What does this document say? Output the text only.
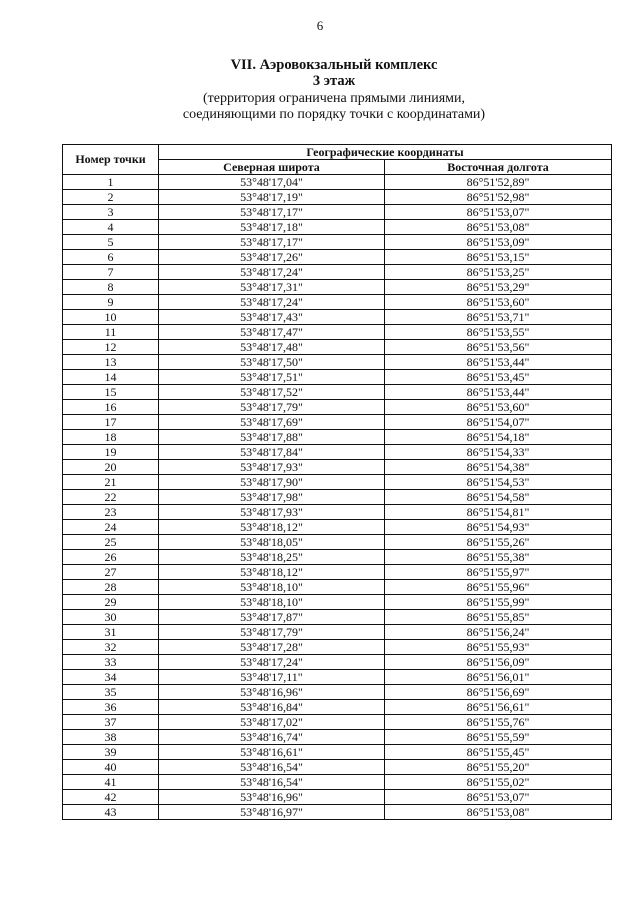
6
VII. Аэровокзальный комплекс
3 этаж
(территория ограничена прямыми линиями,
соединяющими по порядку точки с координатами)
Номер точки	Географические координаты	
	Северная широта	Восточная долгота
1	53°48'17,04"	86°51'52,89"
2	53°48'17,19"	86°51'52,98"
3	53°48'17,17"	86°51'53,07"
4	53°48'17,18"	86°51'53,08"
5	53°48'17,17"	86°51'53,09"
6	53°48'17,26"	86°51'53,15"
7	53°48'17,24"	86°51'53,25"
8	53°48'17,31"	86°51'53,29"
9	53°48'17,24"	86°51'53,60"
10	53°48'17,43"	86°51'53,71"
11	53°48'17,47"	86°51'53,55"
12	53°48'17,48"	86°51'53,56"
13	53°48'17,50"	86°51'53,44"
14	53°48'17,51"	86°51'53,45"
15	53°48'17,52"	86°51'53,44"
16	53°48'17,79"	86°51'53,60"
17	53°48'17,69"	86°51'54,07"
18	53°48'17,88"	86°51'54,18"
19	53°48'17,84"	86°51'54,33"
20	53°48'17,93"	86°51'54,38"
21	53°48'17,90"	86°51'54,53"
22	53°48'17,98"	86°51'54,58"
23	53°48'17,93"	86°51'54,81"
24	53°48'18,12"	86°51'54,93"
25	53°48'18,05"	86°51'55,26"
26	53°48'18,25"	86°51'55,38"
27	53°48'18,12"	86°51'55,97"
28	53°48'18,10"	86°51'55,96"
29	53°48'18,10"	86°51'55,99"
30	53°48'17,87"	86°51'55,85"
31	53°48'17,79"	86°51'56,24"
32	53°48'17,28"	86°51'55,93"
33	53°48'17,24"	86°51'56,09"
34	53°48'17,11"	86°51'56,01"
35	53°48'16,96"	86°51'56,69"
36	53°48'16,84"	86°51'56,61"
37	53°48'17,02"	86°51'55,76"
38	53°48'16,74"	86°51'55,59"
39	53°48'16,61"	86°51'55,45"
40	53°48'16,54"	86°51'55,20"
41	53°48'16,54"	86°51'55,02"
42	53°48'16,96"	86°51'53,07"
43	53°48'16,97"	86°51'53,08"
